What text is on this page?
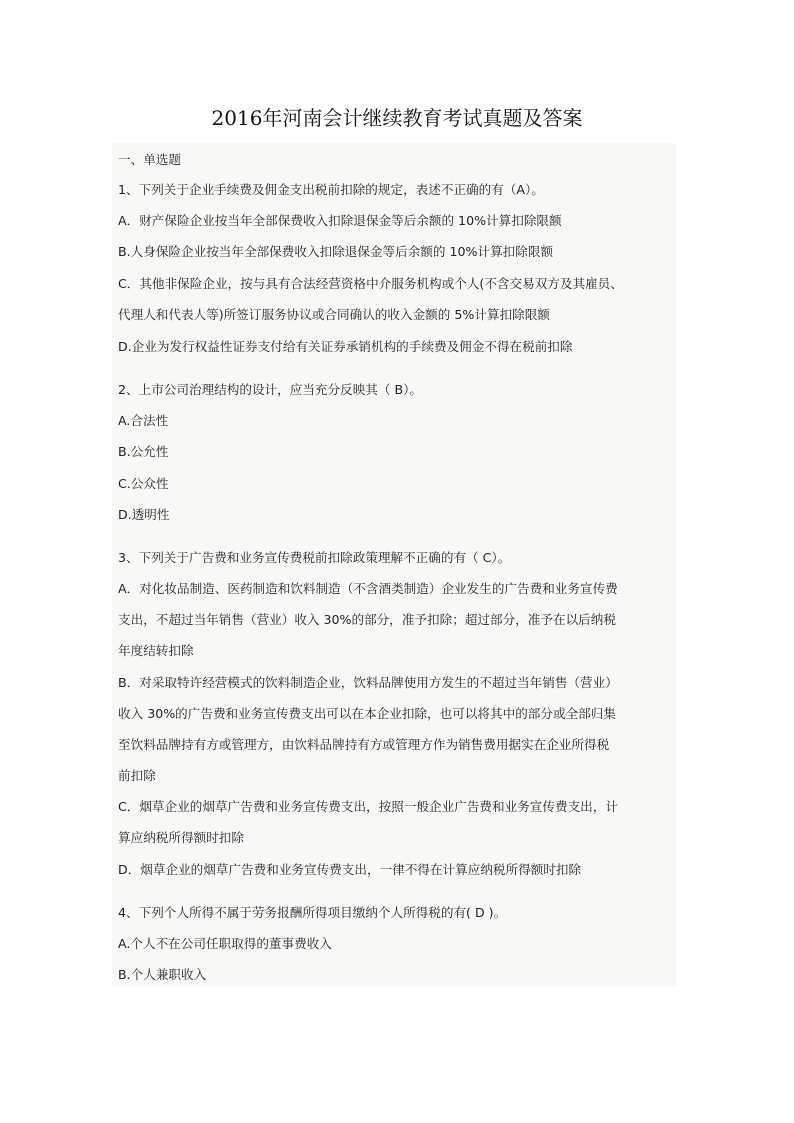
2016年河南会计继续教育考试真题及答案
一、单选题
1、下列关于企业手续费及佣金支出税前扣除的规定，表述不正确的有（A）。
A．财产保险企业按当年全部保费收入扣除退保金等后余额的 10%计算扣除限额
B.人身保险企业按当年全部保费收入扣除退保金等后余额的 10%计算扣除限额
C．其他非保险企业，按与具有合法经营资格中介服务机构或个人(不含交易双方及其雇员、
代理人和代表人等)所签订服务协议或合同确认的收入金额的 5%计算扣除限额
D.企业为发行权益性证券支付给有关证券承销机构的手续费及佣金不得在税前扣除
2、上市公司治理结构的设计，应当充分反映其（ B）。
A.合法性
B.公允性
C.公众性
D.透明性
3、下列关于广告费和业务宣传费税前扣除政策理解不正确的有（ C）。
A．对化妆品制造、医药制造和饮料制造（不含酒类制造）企业发生的广告费和业务宣传费
支出，不超过当年销售（营业）收入 30%的部分，准予扣除；超过部分，准予在以后纳税
年度结转扣除
B．对采取特许经营模式的饮料制造企业，饮料品牌使用方发生的不超过当年销售（营业）
收入 30%的广告费和业务宣传费支出可以在本企业扣除，也可以将其中的部分或全部归集
至饮料品牌持有方或管理方，由饮料品牌持有方或管理方作为销售费用据实在企业所得税
前扣除
C．烟草企业的烟草广告费和业务宣传费支出，按照一般企业广告费和业务宣传费支出，计
算应纳税所得额时扣除
D．烟草企业的烟草广告费和业务宣传费支出，一律不得在计算应纳税所得额时扣除
4、下列个人所得不属于劳务报酬所得项目缴纳个人所得税的有( D )。
A.个人不在公司任职取得的董事费收入
B.个人兼职收入
